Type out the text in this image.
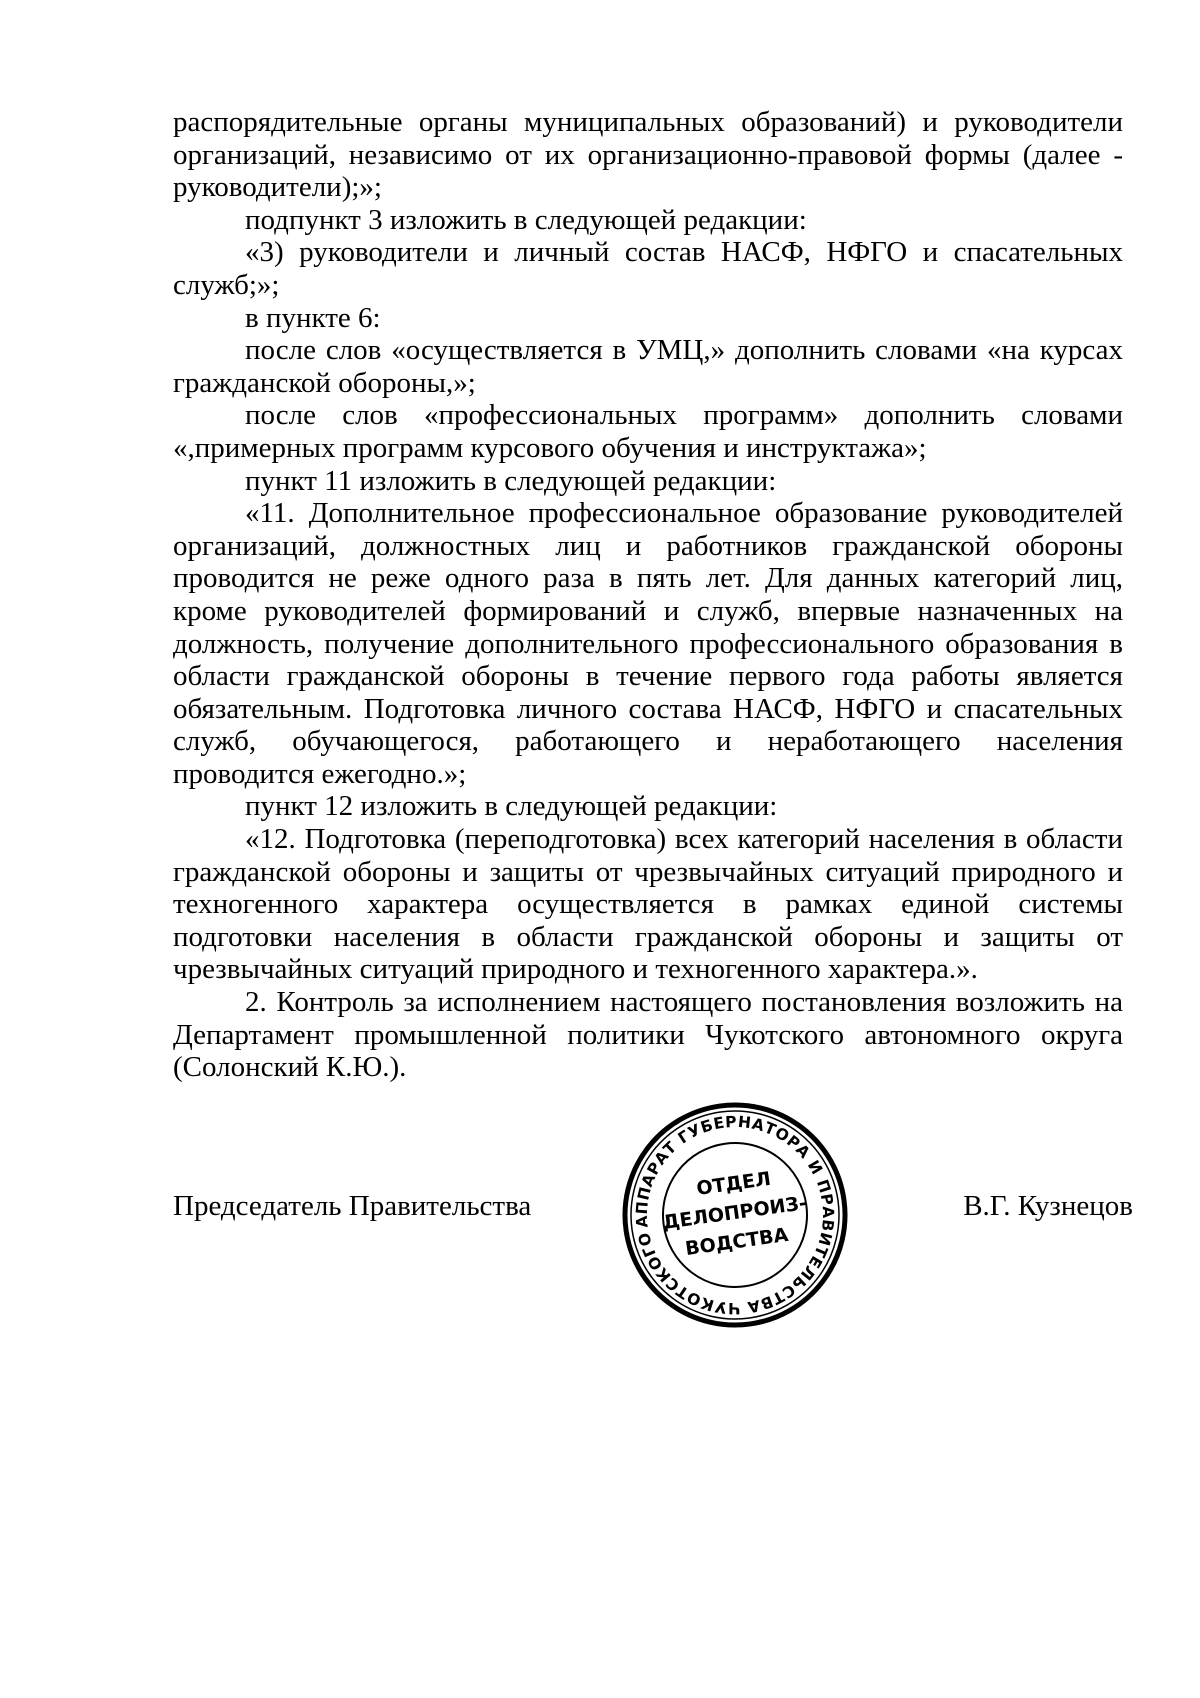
распорядительные органы муниципальных образований) и руководители организаций, независимо от их организационно-правовой формы (далее - руководители);»;

подпункт 3 изложить в следующей редакции:

«3) руководители и личный состав НАСФ, НФГО и спасательных служб;»;

в пункте 6:

после слов «осуществляется в УМЦ,» дополнить словами «на курсах гражданской обороны,»;

после слов «профессиональных программ» дополнить словами «,примерных программ курсового обучения и инструктажа»;

пункт 11 изложить в следующей редакции:

«11. Дополнительное профессиональное образование руководителей организаций, должностных лиц и работников гражданской обороны проводится не реже одного раза в пять лет. Для данных категорий лиц, кроме руководителей формирований и служб, впервые назначенных на должность, получение дополнительного профессионального образования в области гражданской обороны в течение первого года работы является обязательным. Подготовка личного состава НАСФ, НФГО и спасательных служб, обучающегося, работающего и неработающего населения проводится ежегодно.»;

пункт 12 изложить в следующей редакции:

«12. Подготовка (переподготовка) всех категорий населения в области гражданской обороны и защиты от чрезвычайных ситуаций природного и техногенного характера осуществляется в рамках единой системы подготовки населения в области гражданской обороны и защиты от чрезвычайных ситуаций природного и техногенного характера.».

2. Контроль за исполнением настоящего постановления возложить на Департамент промышленной политики Чукотского автономного округа (Солонский К.Ю.).

Председатель Правительства	В.Г. Кузнецов
АППАРАТ ГУБЕРНАТОРА И ПРАВИТЕЛЬСТВА ЧУКОТСКОГО
ОТДЕЛ
ДЕЛОПРОИЗ-
ВОДСТВА
